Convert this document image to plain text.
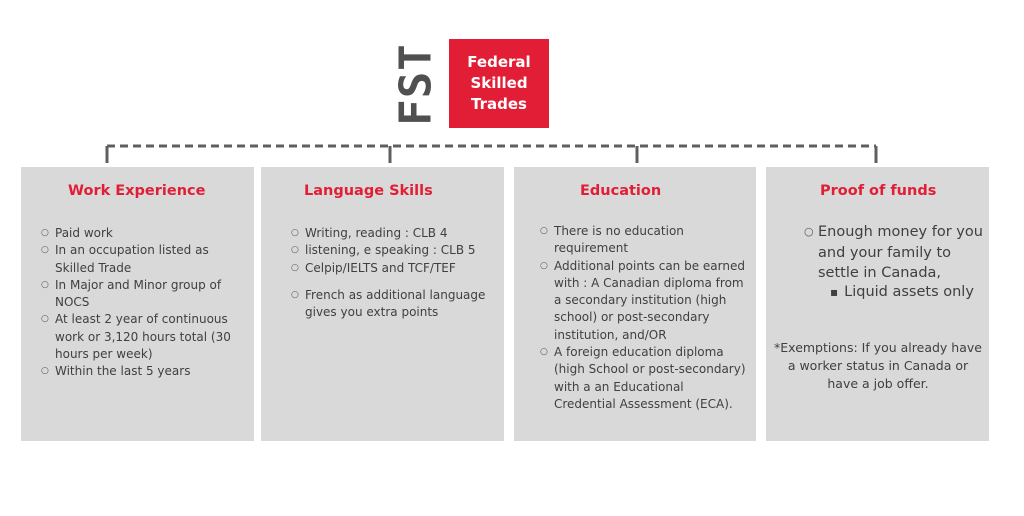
FST Federal
Skilled
Trades
Work Experience
○ Paid work
○ In an occupation listed as Skilled Trade
○ In Major and Minor group of NOCS
○ At least 2 year of continuous work or 3,120 hours total (30 hours per week)
○ Within the last 5 years
Language Skills
○ Writing, reading : CLB 4
○ listening, e speaking : CLB 5
○ Celpip/IELTS and TCF/TEF
○ French as additional language gives you extra points
Education
○ There is no education requirement
○ Additional points can be earned with : A Canadian diploma from a secondary institution (high school) or post-secondary institution, and/OR
○ A foreign education diploma (high School or post-secondary) with a an Educational Credential Assessment (ECA).
Proof of funds
○ Enough money for you and your family to settle in Canada,
▪ Liquid assets only
*Exemptions: If you already have a worker status in Canada or have a job offer.
